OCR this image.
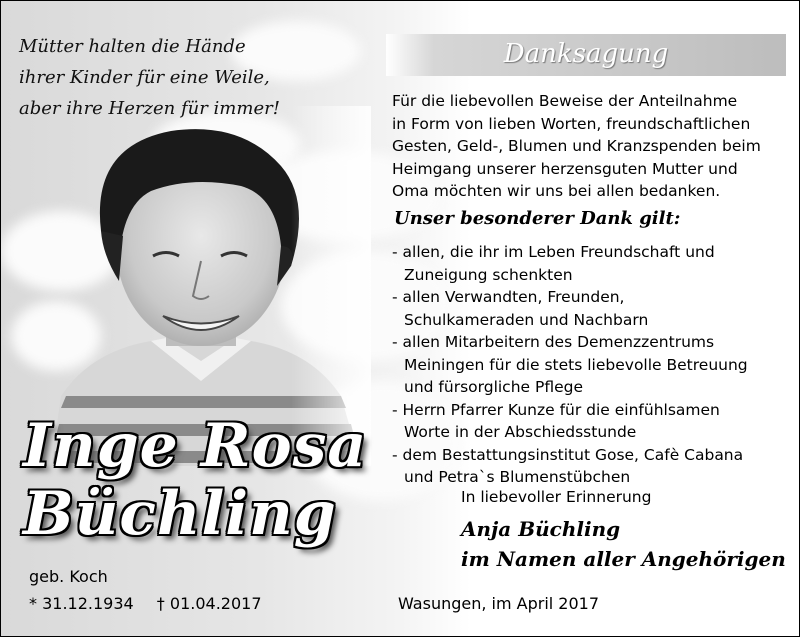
Mütter halten die Hände
ihrer Kinder für eine Weile,
aber ihre Herzen für immer!
Inge Rosa
Büchling
geb. Koch
* 31.12.1934 † 01.04.2017
Danksagung
Für die liebevollen Beweise der Anteilnahme
in Form von lieben Worten, freundschaftlichen
Gesten, Geld-, Blumen und Kranzspenden beim
Heimgang unserer herzensguten Mutter und
Oma möchten wir uns bei allen bedanken.
Unser besonderer Dank gilt:
- allen, die ihr im Leben Freundschaft und
Zuneigung schenkten
- allen Verwandten, Freunden,
Schulkameraden und Nachbarn
- allen Mitarbeitern des Demenzzentrums
Meiningen für die stets liebevolle Betreuung
und fürsorgliche Pflege
- Herrn Pfarrer Kunze für die einfühlsamen
Worte in der Abschiedsstunde
- dem Bestattungsinstitut Gose, Cafè Cabana
und Petra`s Blumenstübchen
In liebevoller Erinnerung
Anja Büchling
im Namen aller Angehörigen
Wasungen, im April 2017
